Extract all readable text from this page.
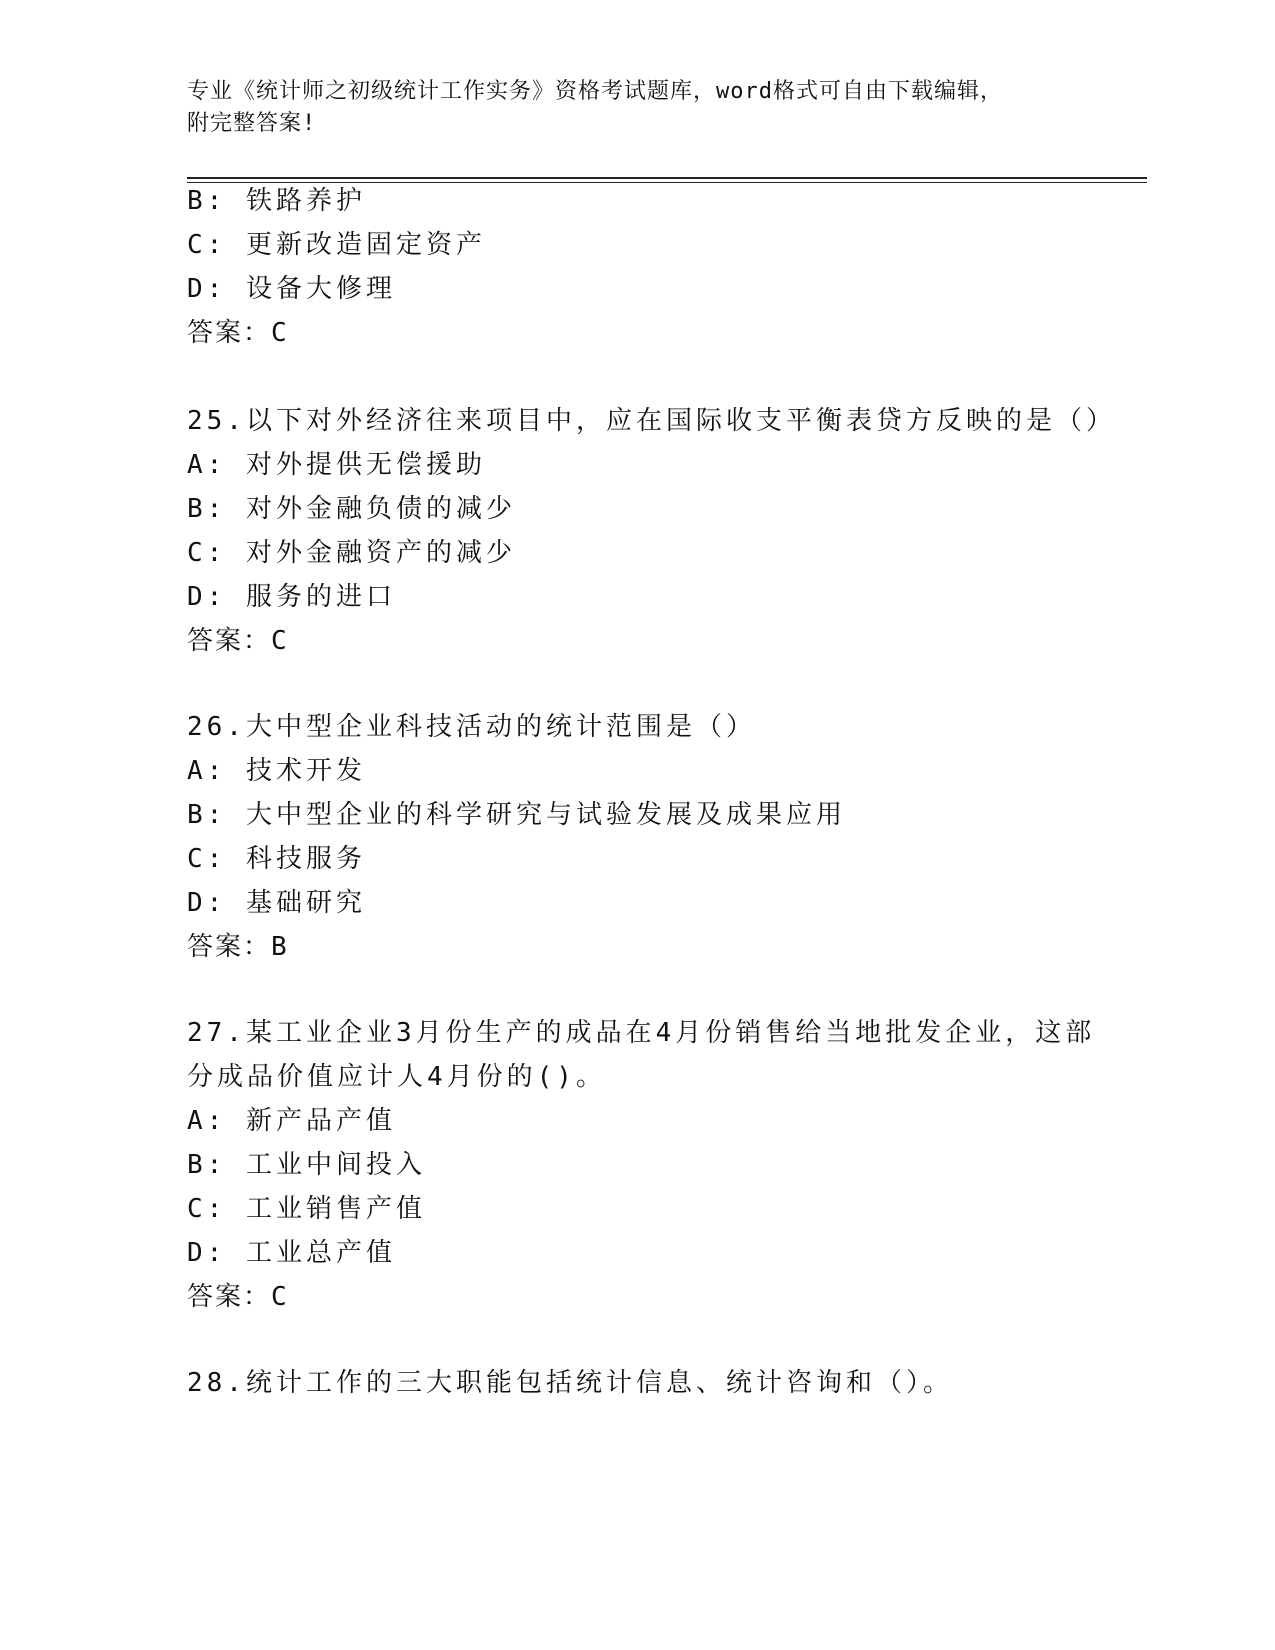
专业《统计师之初级统计工作实务》资格考试题库，word格式可自由下载编辑，
附完整答案!
B: 铁路养护
C: 更新改造固定资产
D: 设备大修理
答案：C
25.以下对外经济往来项目中，应在国际收支平衡表贷方反映的是（）
A: 对外提供无偿援助
B: 对外金融负债的减少
C: 对外金融资产的减少
D: 服务的进口
答案：C
26.大中型企业科技活动的统计范围是（）
A: 技术开发
B: 大中型企业的科学研究与试验发展及成果应用
C: 科技服务
D: 基础研究
答案：B
27.某工业企业3月份生产的成品在4月份销售给当地批发企业，这部
分成品价值应计人4月份的()。
A: 新产品产值
B: 工业中间投入
C: 工业销售产值
D: 工业总产值
答案：C
28.统计工作的三大职能包括统计信息、统计咨询和（）。
